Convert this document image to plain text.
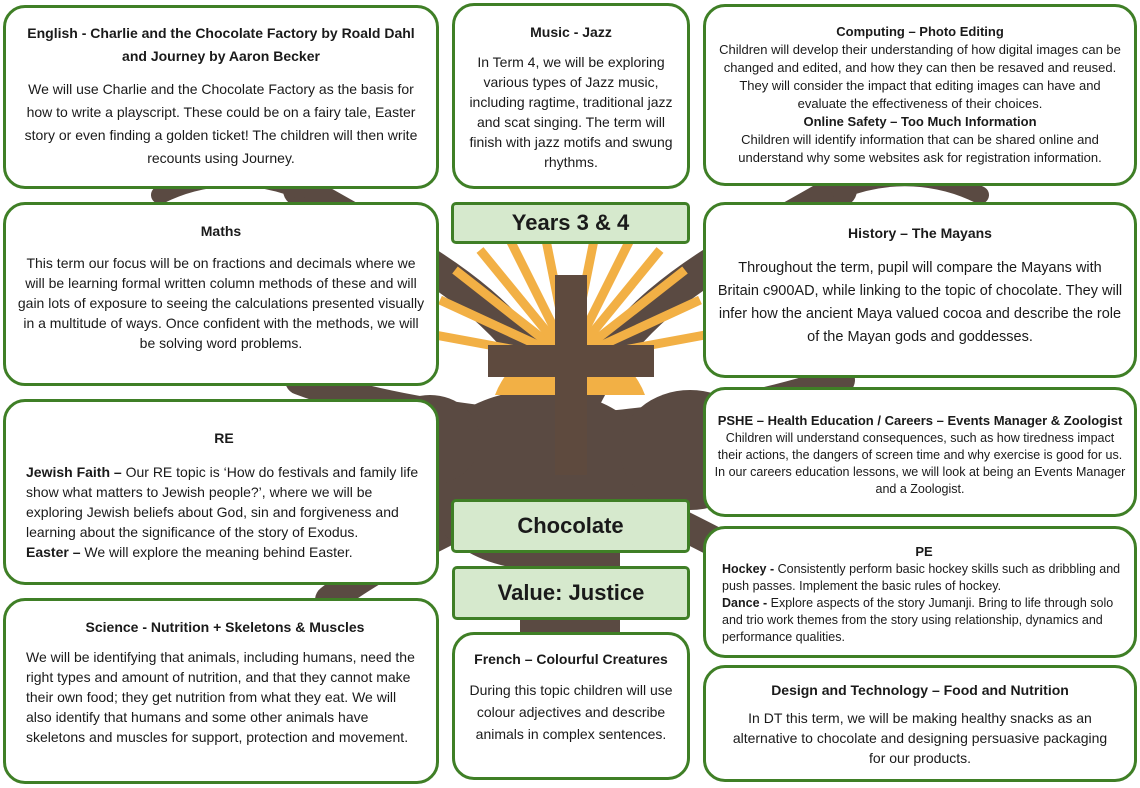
English - Charlie and the Chocolate Factory by Roald Dahl and Journey by Aaron Becker

We will use Charlie and the Chocolate Factory as the basis for how to write a playscript. These could be on a fairy tale, Easter story or even finding a golden ticket! The children will then write recounts using Journey.

Music - Jazz

In Term 4, we will be exploring various types of Jazz music, including ragtime, traditional jazz and scat singing. The term will finish with jazz motifs and swung rhythms.

Computing – Photo Editing

Children will develop their understanding of how digital images can be changed and edited, and how they can then be resaved and reused. They will consider the impact that editing images can have and evaluate the effectiveness of their choices.

Online Safety – Too Much Information

Children will identify information that can be shared online and understand why some websites ask for registration information.

Years 3 & 4
Maths

This term our focus will be on fractions and decimals where we will be learning formal written column methods of these and will gain lots of exposure to seeing the calculations presented visually in a multitude of ways. Once confident with the methods, we will be solving word problems.

History – The Mayans

Throughout the term, pupil will compare the Mayans with Britain c900AD, while linking to the topic of chocolate. They will infer how the ancient Maya valued cocoa and describe the role of the Mayan gods and goddesses.

RE

Jewish Faith – Our RE topic is ‘How do festivals and family life show what matters to Jewish people?’, where we will be exploring Jewish beliefs about God, sin and forgiveness and learning about the significance of the story of Exodus.

Easter – We will explore the meaning behind Easter.

PSHE – Health Education / Careers – Events Manager & Zoologist

Children will understand consequences, such as how tiredness impact their actions, the dangers of screen time and why exercise is good for us. In our careers education lessons, we will look at being an Events Manager and a Zoologist.

Chocolate
PE

Hockey - Consistently perform basic hockey skills such as dribbling and push passes. Implement the basic rules of hockey.

Dance - Explore aspects of the story Jumanji. Bring to life through solo and trio work themes from the story using relationship, dynamics and performance qualities.

Value: Justice
Science - Nutrition + Skeletons & Muscles

We will be identifying that animals, including humans, need the right types and amount of nutrition, and that they cannot make their own food; they get nutrition from what they eat. We will also identify that humans and some other animals have skeletons and muscles for support, protection and movement.

French – Colourful Creatures

During this topic children will use colour adjectives and describe animals in complex sentences.

Design and Technology – Food and Nutrition

In DT this term, we will be making healthy snacks as an alternative to chocolate and designing persuasive packaging for our products.
